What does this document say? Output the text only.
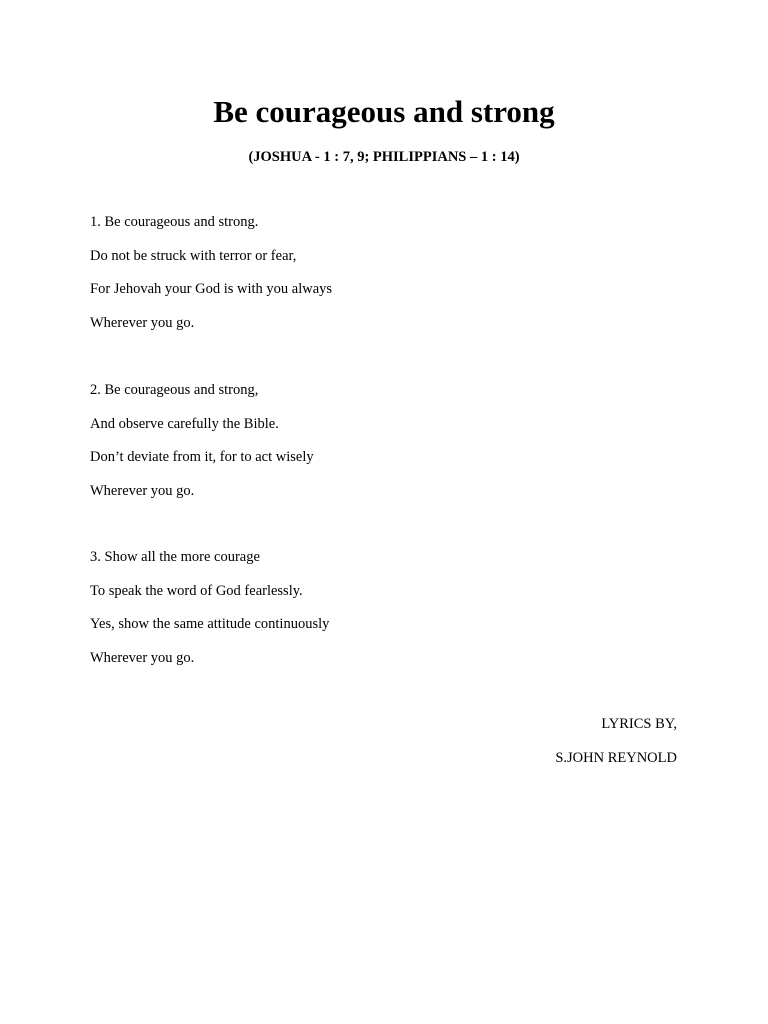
Be courageous and strong

(JOSHUA - 1 : 7, 9; PHILIPPIANS – 1 : 14)

1. Be courageous and strong.
Do not be struck with terror or fear,
For Jehovah your God is with you always
Wherever you go.
2. Be courageous and strong,
And observe carefully the Bible.
Don’t deviate from it, for to act wisely
Wherever you go.
3. Show all the more courage
To speak the word of God fearlessly.
Yes, show the same attitude continuously
Wherever you go.
LYRICS BY,
S.JOHN REYNOLD
